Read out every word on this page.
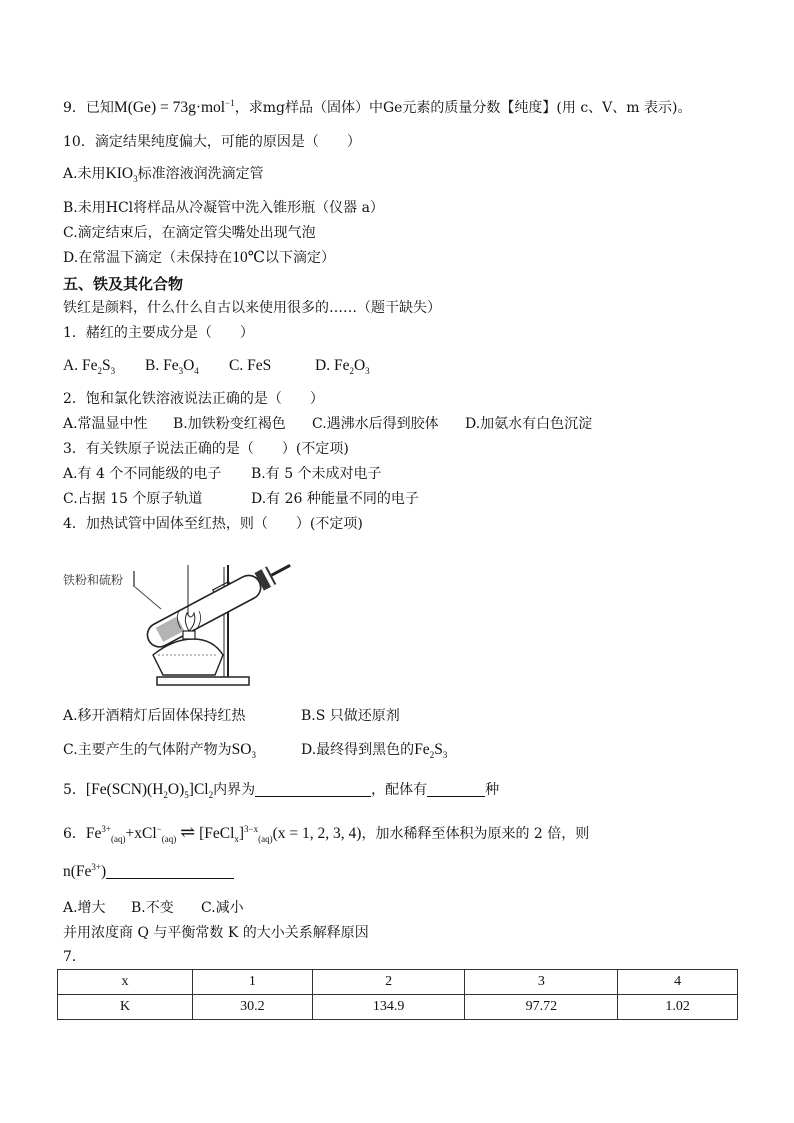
9．已知M(Ge) = 73g·mol$^{-1}$，求mg样品（固体）中Ge元素的质量分数【纯度】(用 c、V、m 表示)。
10．滴定结果纯度偏大，可能的原因是（　　）
A.未用$KIO_3$标准溶液润洗滴定管
B.未用HCl将样品从冷凝管中洗入锥形瓶（仪器 a）
C.滴定结束后，在滴定管尖嘴处出现气泡
D.在常温下滴定（未保持在10℃以下滴定）
五、铁及其化合物
铁红是颜料，什么什么自古以来使用很多的……（题干缺失）
1．赭红的主要成分是（　　）
A. $Fe_2S_3$ B. $Fe_3O_4$ C. FeS	D. $Fe_2O_3$
2．饱和氯化铁溶液说法正确的是（　　）
A.常温显中性 B.加铁粉变红褐色 C.遇沸水后得到胶体 D.加氨水有白色沉淀
3．有关铁原子说法正确的是（　　）(不定项)
A.有 4 个不同能级的电子 B.有 5 个未成对电子
C.占据 15 个原子轨道	D.有 26 种能量不同的电子
4．加热试管中固体至红热，则（　　）(不定项)
铁粉和硫粉
A.移开酒精灯后固体保持红热	B.S 只做还原剂
C.主要产生的气体附产物为$SO_3$	D.最终得到黑色的$Fe_2S_3$
5．$[Fe(SCN)(H_2O)_5]Cl_2$内界为	，配体有	种
6．$Fe^{3+}_{(aq)}+xCl^-_{(aq)}$ ⇌ [FeCl$_x$]$^{3-x}_{(aq)}$(x = 1, 2, 3, 4)，加水稀释至体积为原来的 2 倍，则
$n(Fe^{3+})$
A.增大 B.不变 C.减小
并用浓度商 Q 与平衡常数 K 的大小关系解释原因
7．
x	1	2	3	4
K	30.2	134.9	97.72	1.02
